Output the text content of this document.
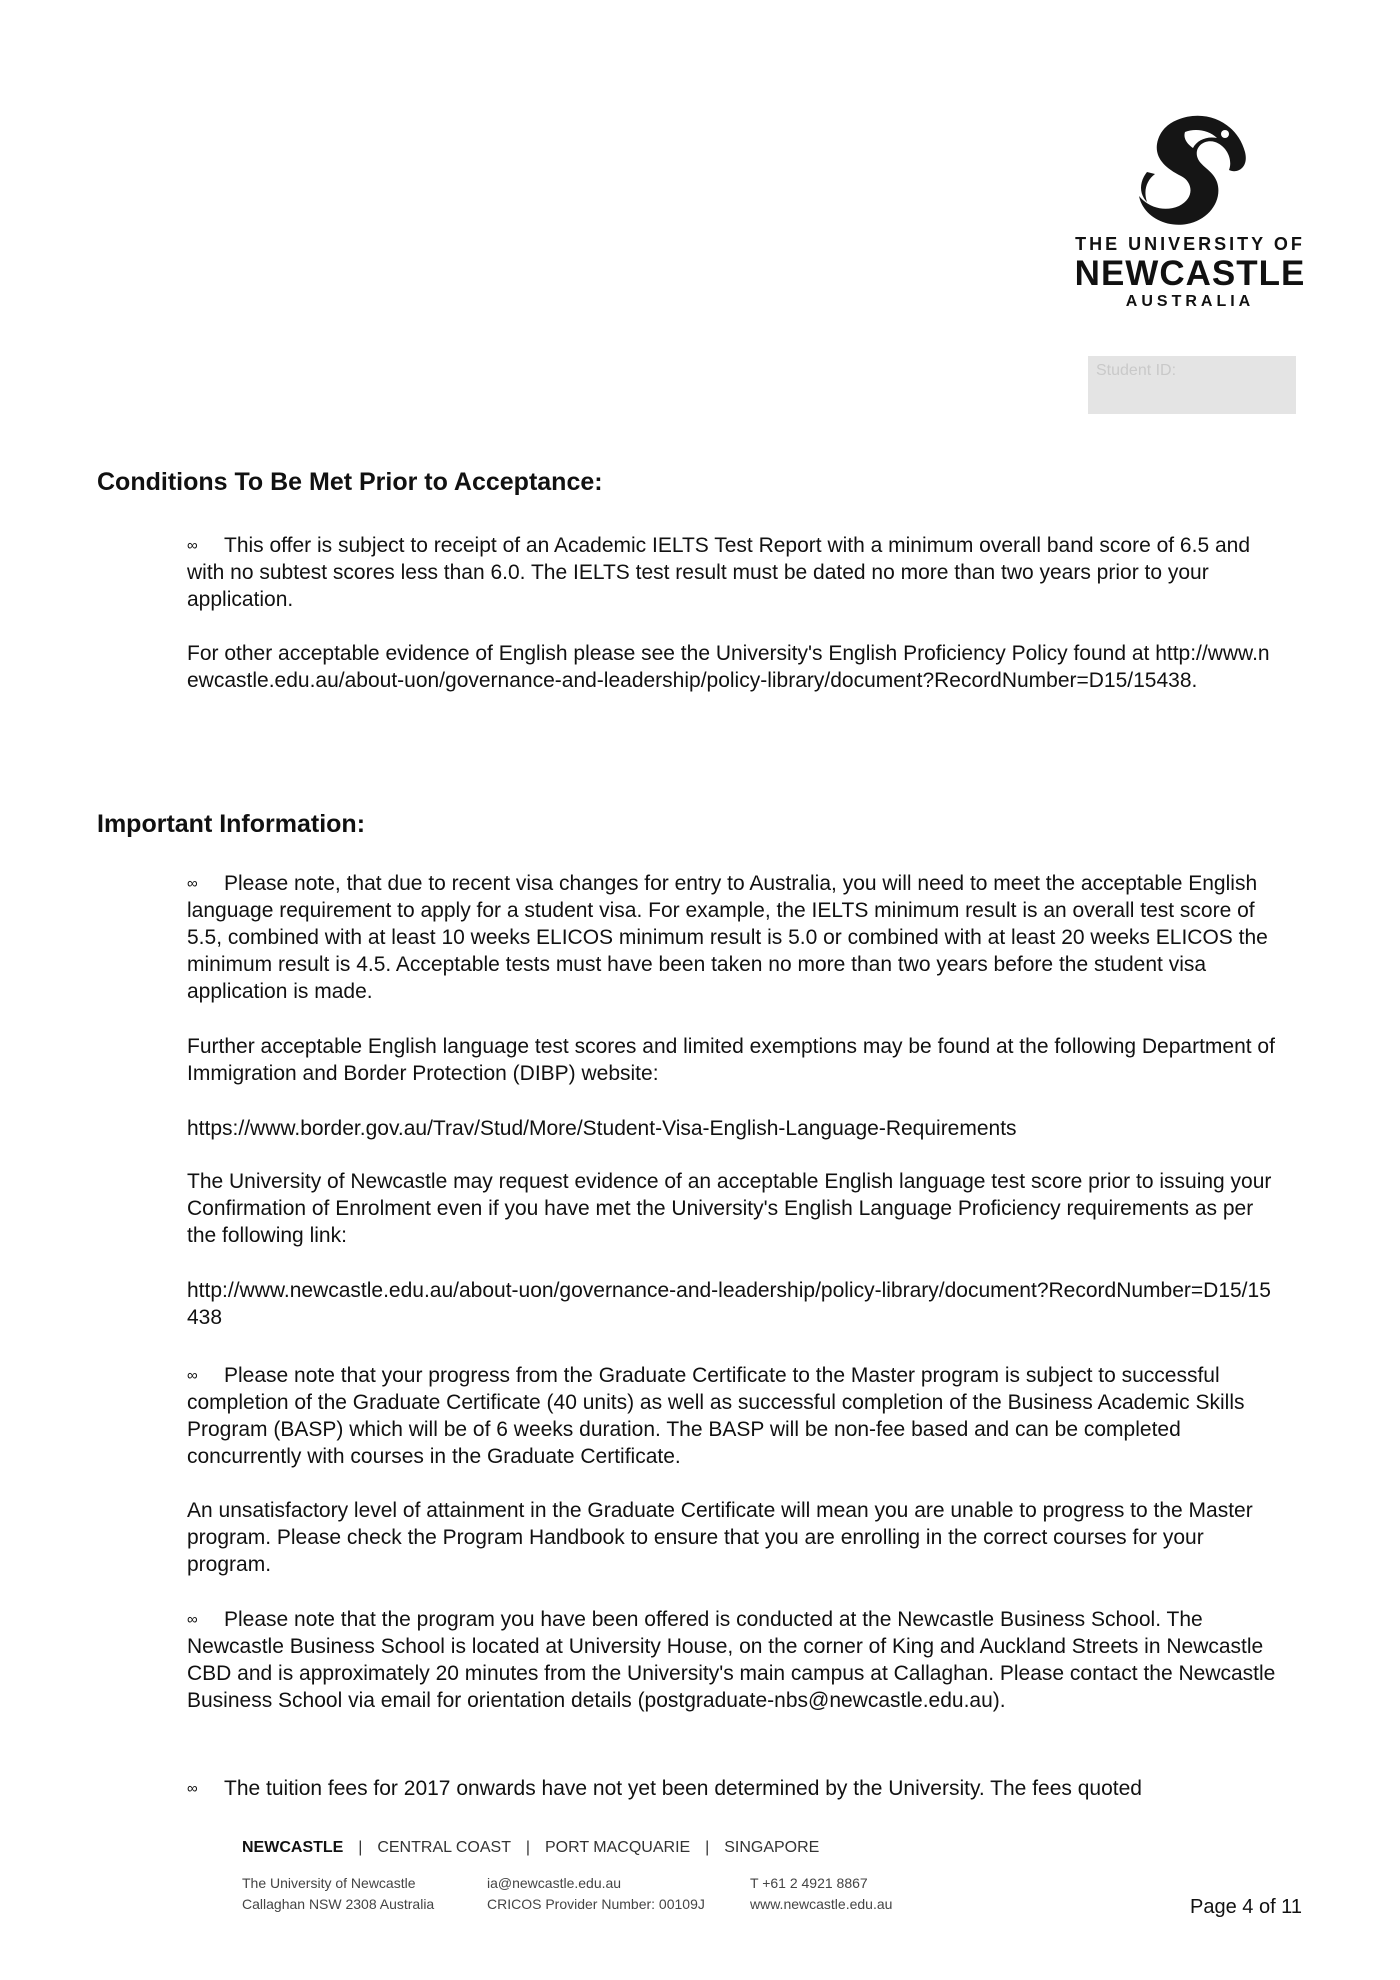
THE UNIVERSITY OF
NEWCASTLE
AUSTRALIA
Student ID:
Conditions To Be Met Prior to Acceptance:

∞ This offer is subject to receipt of an Academic IELTS Test Report with a minimum overall band score of 6.5 and with no subtest scores less than 6.0. The IELTS test result must be dated no more than two years prior to your application.

For other acceptable evidence of English please see the University's English Proficiency Policy found at http://www.newcastle.edu.au/about-uon/governance-and-leadership/policy-library/document?RecordNumber=D15/15438.

Important Information:

∞ Please note, that due to recent visa changes for entry to Australia, you will need to meet the acceptable English language requirement to apply for a student visa. For example, the IELTS minimum result is an overall test score of 5.5, combined with at least 10 weeks ELICOS minimum result is 5.0 or combined with at least 20 weeks ELICOS the minimum result is 4.5. Acceptable tests must have been taken no more than two years before the student visa application is made.

Further acceptable English language test scores and limited exemptions may be found at the following Department of Immigration and Border Protection (DIBP) website:

https://www.border.gov.au/Trav/Stud/More/Student-Visa-English-Language-Requirements

The University of Newcastle may request evidence of an acceptable English language test score prior to issuing your Confirmation of Enrolment even if you have met the University's English Language Proficiency requirements as per the following link:

http://www.newcastle.edu.au/about-uon/governance-and-leadership/policy-library/document?RecordNumber=D15/15438

∞ Please note that your progress from the Graduate Certificate to the Master program is subject to successful completion of the Graduate Certificate (40 units) as well as successful completion of the Business Academic Skills Program (BASP) which will be of 6 weeks duration. The BASP will be non-fee based and can be completed concurrently with courses in the Graduate Certificate.

An unsatisfactory level of attainment in the Graduate Certificate will mean you are unable to progress to the Master program. Please check the Program Handbook to ensure that you are enrolling in the correct courses for your program.

∞ Please note that the program you have been offered is conducted at the Newcastle Business School. The Newcastle Business School is located at University House, on the corner of King and Auckland Streets in Newcastle CBD and is approximately 20 minutes from the University's main campus at Callaghan. Please contact the Newcastle Business School via email for orientation details (postgraduate-nbs@newcastle.edu.au).

∞ The tuition fees for 2017 onwards have not yet been determined by the University. The fees quoted

NEWCASTLE | CENTRAL COAST | PORT MACQUARIE | SINGAPORE
The University of Newcastle
Callaghan NSW 2308 Australia
ia@newcastle.edu.au
CRICOS Provider Number: 00109J
T +61 2 4921 8867
www.newcastle.edu.au	Page 4 of 11
